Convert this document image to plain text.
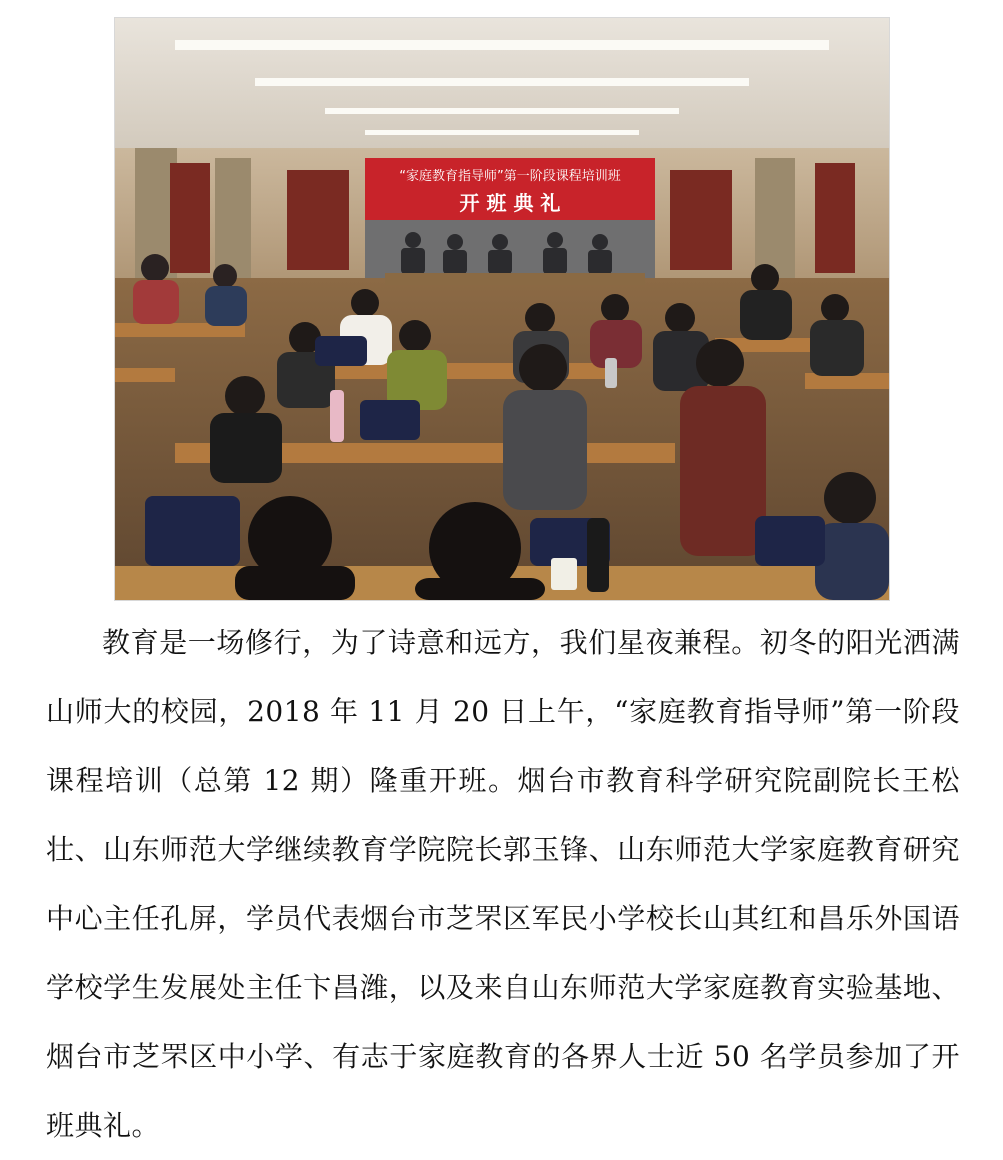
“家庭教育指导师”第一阶段课程培训班
开 班 典 礼

教育是一场修行，为了诗意和远方，我们星夜兼程。初冬的阳光洒满山师大的校园，2018 年 11 月 20 日上午，“家庭教育指导师”第一阶段课程培训（总第 12 期）隆重开班。烟台市教育科学研究院副院长王松壮、山东师范大学继续教育学院院长郭玉锋、山东师范大学家庭教育研究中心主任孔屏，学员代表烟台市芝罘区军民小学校长山其红和昌乐外国语学校学生发展处主任卞昌潍，以及来自山东师范大学家庭教育实验基地、烟台市芝罘区中小学、有志于家庭教育的各界人士近 50 名学员参加了开班典礼。
